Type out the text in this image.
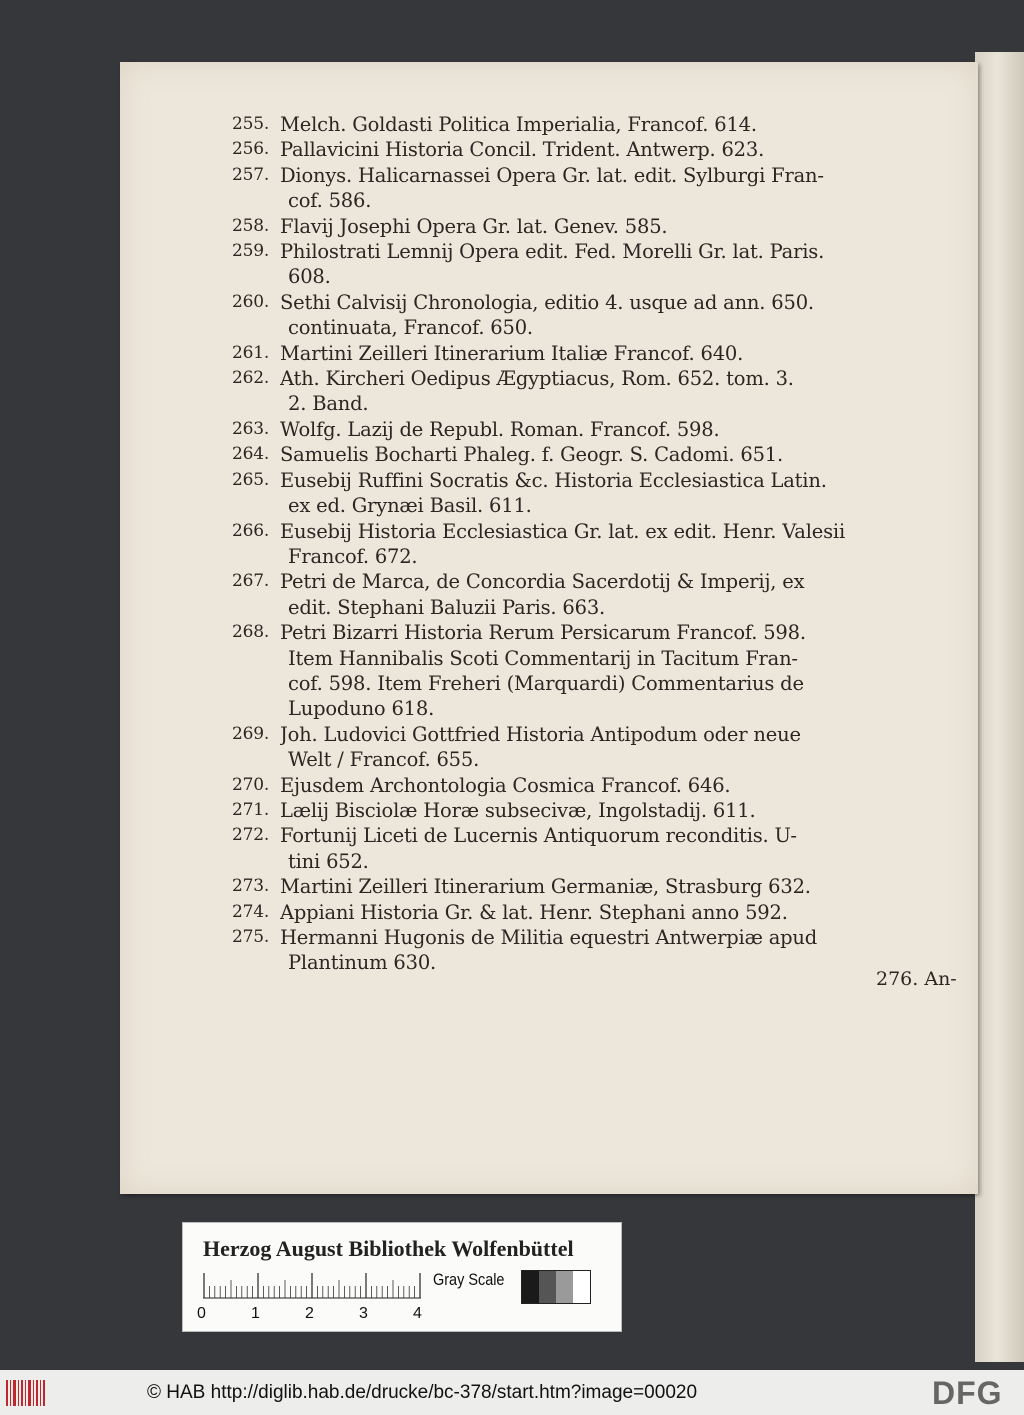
255. Melch. Goldasti Politica Imperialia, Francof. 614.
256. Pallavicini Historia Concil. Trident. Antwerp. 623.
257. Dionys. Halicarnassei Opera Gr. lat. edit. Sylburgi Fran-
cof. 586.
258. Flavij Josephi Opera Gr. lat. Genev. 585.
259. Philostrati Lemnij Opera edit. Fed. Morelli Gr. lat. Paris.
608.
260. Sethi Calvisij Chronologia, editio 4. usque ad ann. 650.
continuata, Francof. 650.
261. Martini Zeilleri Itinerarium Italiæ Francof. 640.
262. Ath. Kircheri Oedipus Ægyptiacus, Rom. 652. tom. 3.
2. Band.
263. Wolfg. Lazij de Republ. Roman. Francof. 598.
264. Samuelis Bocharti Phaleg. f. Geogr. S. Cadomi. 651.
265. Eusebij Ruffini Socratis &c. Historia Ecclesiastica Latin.
ex ed. Grynæi Basil. 611.
266. Eusebij Historia Ecclesiastica Gr. lat. ex edit. Henr. Valesii
Francof. 672.
267. Petri de Marca, de Concordia Sacerdotij & Imperij, ex
edit. Stephani Baluzii Paris. 663.
268. Petri Bizarri Historia Rerum Persicarum Francof. 598.
Item Hannibalis Scoti Commentarij in Tacitum Fran-
cof. 598. Item Freheri (Marquardi) Commentarius de
Lupoduno 618.
269. Joh. Ludovici Gottfried Historia Antipodum oder neue
Welt / Francof. 655.
270. Ejusdem Archontologia Cosmica Francof. 646.
271. Lælij Bisciolæ Horæ subsecivæ, Ingolstadij. 611.
272. Fortunij Liceti de Lucernis Antiquorum reconditis. U-
tini 652.
273. Martini Zeilleri Itinerarium Germaniæ, Strasburg 632.
274. Appiani Historia Gr. & lat. Henr. Stephani anno 592.
275. Hermanni Hugonis de Militia equestri Antwerpiæ apud
Plantinum 630.
276. An-
Herzog August Bibliothek Wolfenbüttel
0	1	2	3	4
Gray Scale
© HAB http://diglib.hab.de/drucke/bc-378/start.htm?image=00020	DFG
